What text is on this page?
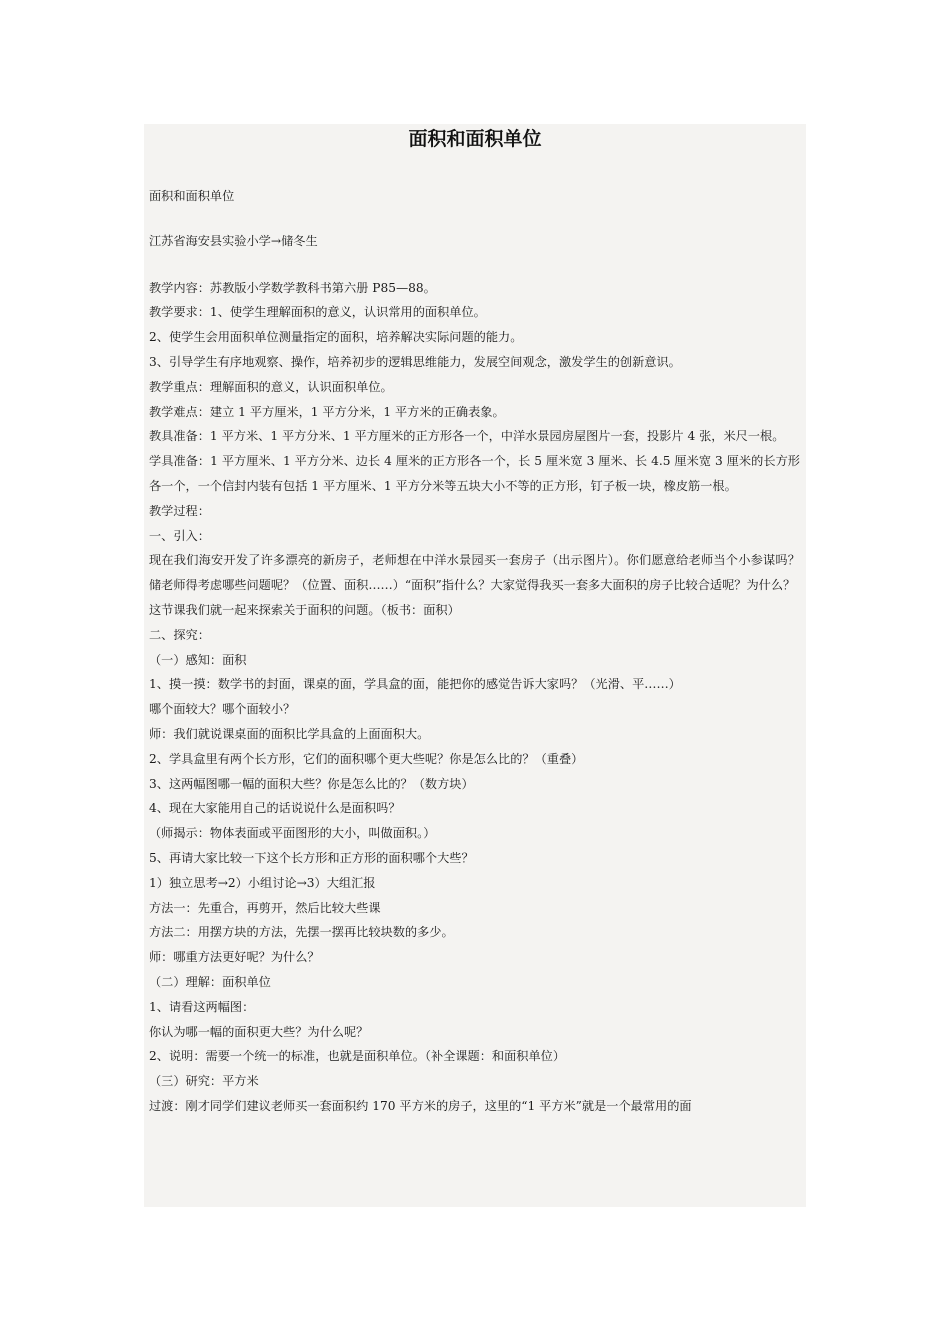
面积和面积单位

面积和面积单位

江苏省海安县实验小学→储冬生

教学内容：苏教版小学数学教科书第六册 P85—88。

教学要求：1、使学生理解面积的意义，认识常用的面积单位。

2、使学生会用面积单位测量指定的面积，培养解决实际问题的能力。

3、引导学生有序地观察、操作，培养初步的逻辑思维能力，发展空间观念，激发学生的创新意识。

教学重点：理解面积的意义，认识面积单位。

教学难点：建立 1 平方厘米，1 平方分米，1 平方米的正确表象。

教具准备：1 平方米、1 平方分米、1 平方厘米的正方形各一个，中洋水景园房屋图片一套，投影片 4 张，米尺一根。

学具准备：1 平方厘米、1 平方分米、边长 4 厘米的正方形各一个，长 5 厘米宽 3 厘米、长 4.5 厘米宽 3 厘米的长方形各一个，一个信封内装有包括 1 平方厘米、1 平方分米等五块大小不等的正方形，钉子板一块，橡皮筋一根。

教学过程：

一、引入：

现在我们海安开发了许多漂亮的新房子，老师想在中洋水景园买一套房子（出示图片）。你们愿意给老师当个小参谋吗？储老师得考虑哪些问题呢？（位置、面积……）“面积”指什么？大家觉得我买一套多大面积的房子比较合适呢？为什么？

这节课我们就一起来探索关于面积的问题。（板书：面积）

二、探究：

（一）感知：面积

1、摸一摸：数学书的封面，课桌的面，学具盒的面，能把你的感觉告诉大家吗？（光滑、平……）

哪个面较大？哪个面较小？

师：我们就说课桌面的面积比学具盒的上面面积大。

2、学具盒里有两个长方形，它们的面积哪个更大些呢？你是怎么比的？（重叠）

3、这两幅图哪一幅的面积大些？你是怎么比的？（数方块）

4、现在大家能用自己的话说说什么是面积吗？

（师揭示：物体表面或平面图形的大小，叫做面积。）

5、再请大家比较一下这个长方形和正方形的面积哪个大些？

1）独立思考→2）小组讨论→3）大组汇报

方法一：先重合，再剪开，然后比较大些课

方法二：用摆方块的方法，先摆一摆再比较块数的多少。

师：哪重方法更好呢？为什么？

（二）理解：面积单位

1、请看这两幅图：

你认为哪一幅的面积更大些？为什么呢？

2、说明：需要一个统一的标准，也就是面积单位。（补全课题：和面积单位）

（三）研究：平方米

过渡：刚才同学们建议老师买一套面积约 170 平方米的房子，这里的“1 平方米”就是一个最常用的面
